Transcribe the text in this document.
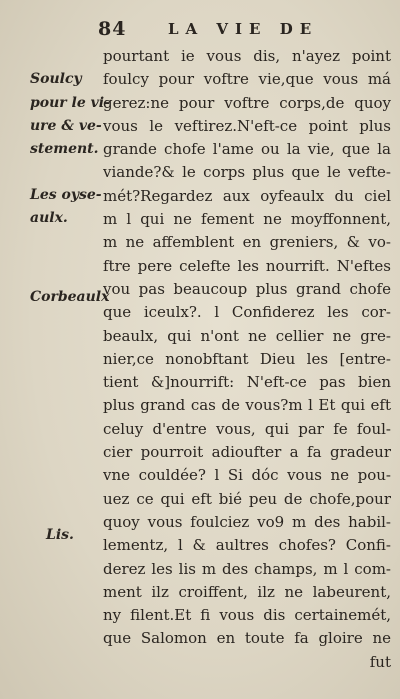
84	LA VIE DE
Soulcy
pour le vi-
ure & ve-
stement.
Les oyse-
aulx.
Corbeaulx
Lis.
pourtant ie vous dis, n'ayez point
foulcy pour voftre vie,que vous má
gerez:ne pour voftre corps,de quoy
vous le veftirez.N'eft-ce point plus
grande chofe l'ame ou la vie, que la
viande?& le corps plus que le vefte-
mét?Regardez aux oyfeaulx du ciel
m l qui ne fement ne moyffonnent,
m ne affemblent en greniers, & vo-
ftre pere celefte les nourrift. N'eftes
vou pas beaucoup plus grand chofe
que iceulx?. l Confiderez les cor-
beaulx, qui n'ont ne cellier ne gre-
nier,ce nonobftant Dieu les [entre-
tient &]nourrift: N'eft-ce pas bien
plus grand cas de vous?m l Et qui eft
celuy d'entre vous, qui par fe foul-
cier pourroit adioufter a fa gradeur
vne couldée? l Si dóc vous ne pou-
uez ce qui eft bié peu de chofe,pour
quoy vous foulciez vo9 m des habil-
lementz, l & aultres chofes? Confi-
derez les lis m des champs, m l com-
ment ilz croiffent, ilz ne labeurent,
ny filent.Et fi vous dis certainemét,
que Salomon en toute fa gloire ne
fut
